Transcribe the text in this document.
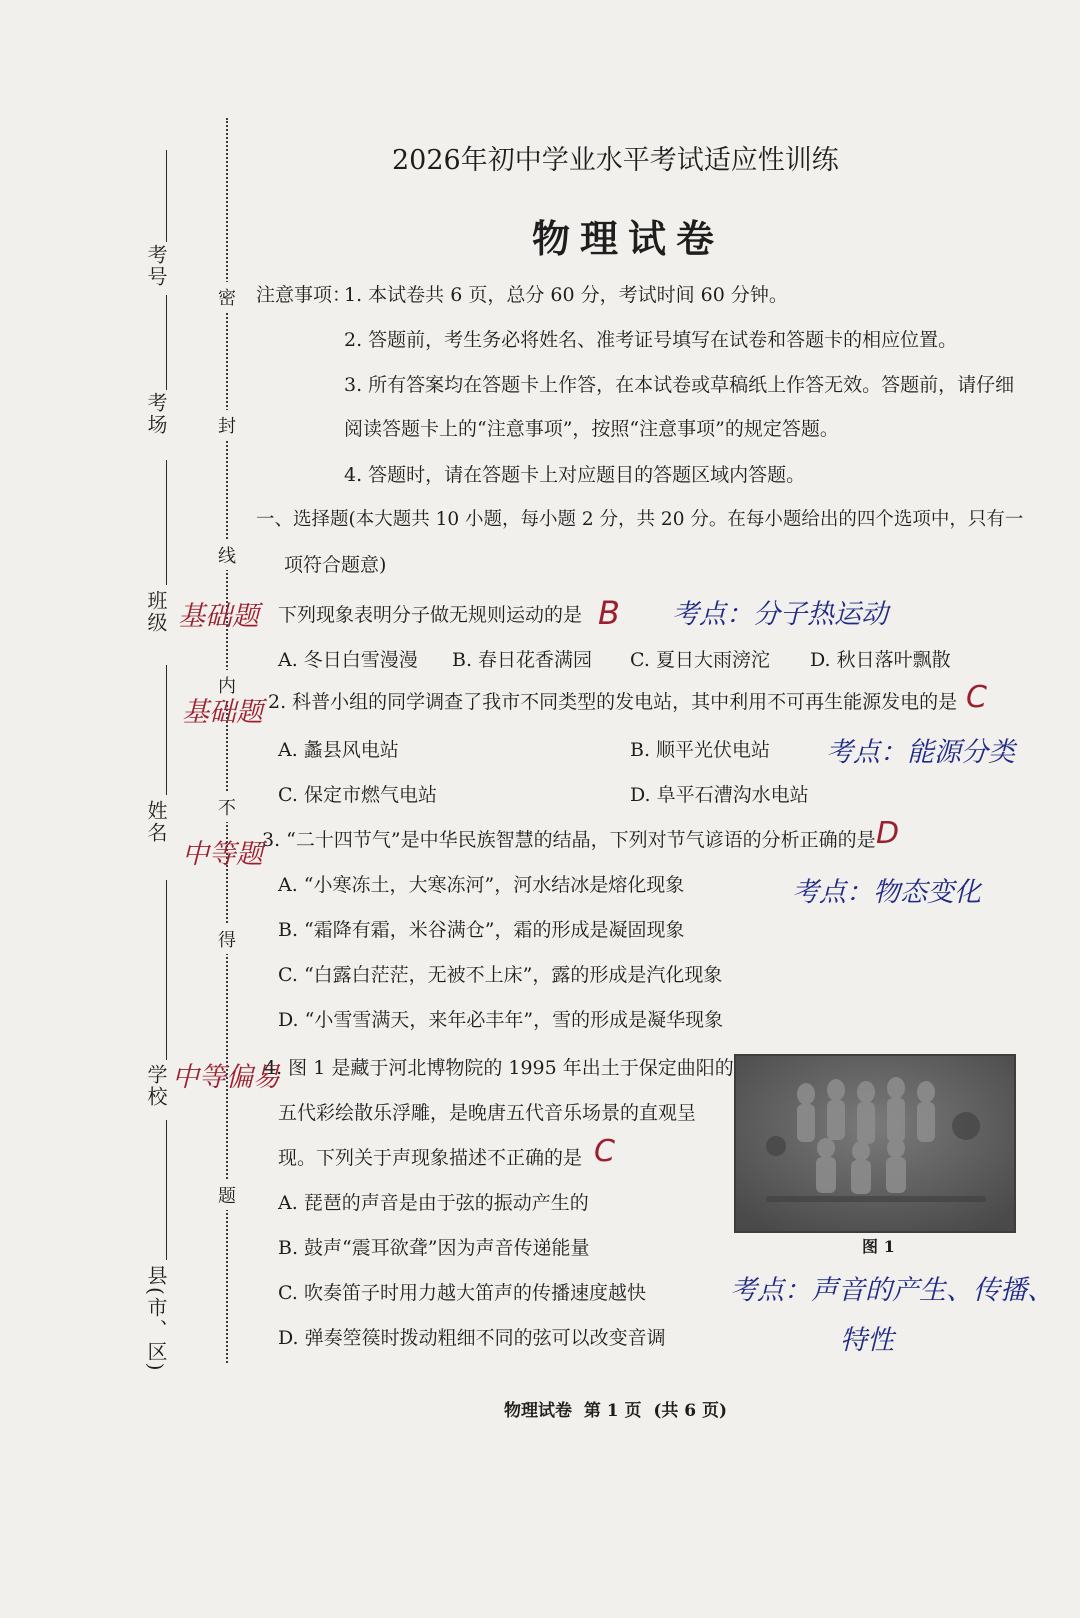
考号
考场
班级
姓名
学校
县(市、区)
密
封
线
内
不
得
题
2026年初中学业水平考试适应性训练
物理试卷
注意事项：
1. 本试卷共 6 页，总分 60 分，考试时间 60 分钟。
2. 答题前，考生务必将姓名、准考证号填写在试卷和答题卡的相应位置。
3. 所有答案均在答题卡上作答，在本试卷或草稿纸上作答无效。答题前，请仔细
阅读答题卡上的“注意事项”，按照“注意事项”的规定答题。
4. 答题时，请在答题卡上对应题目的答题区域内答题。
一、选择题(本大题共 10 小题，每小题 2 分，共 20 分。在每小题给出的四个选项中，只有一
项符合题意)
基础题 下列现象表明分子做无规则运动的是 B 考点：分子热运动
A. 冬日白雪漫漫 B. 春日花香满园 C. 夏日大雨滂沱 D. 秋日落叶飘散
基础题 2. 科普小组的同学调查了我市不同类型的发电站，其中利用不可再生能源发电的是 C
A. 蠡县风电站	B. 顺平光伏电站 考点：能源分类
C. 保定市燃气电站	D. 阜平石漕沟水电站
中等题 3. “二十四节气”是中华民族智慧的结晶，下列对节气谚语的分析正确的是 D
A. “小寒冻土，大寒冻河”，河水结冰是熔化现象	考点：物态变化
B. “霜降有霜，米谷满仓”，霜的形成是凝固现象
C. “白露白茫茫，无被不上床”，露的形成是汽化现象
D. “小雪雪满天，来年必丰年”，雪的形成是凝华现象
中等偏易
4. 图 1 是藏于河北博物院的 1995 年出土于保定曲阳的
五代彩绘散乐浮雕，是晚唐五代音乐场景的直观呈
现。下列关于声现象描述不正确的是 C
A. 琵琶的声音是由于弦的振动产生的
B. 鼓声“震耳欲聋”因为声音传递能量
C. 吹奏笛子时用力越大笛声的传播速度越快
D. 弹奏箜篌时拨动粗细不同的弦可以改变音调
图 1
考点：声音的产生、传播、
特性
物理试卷  第 1 页  (共 6 页)
